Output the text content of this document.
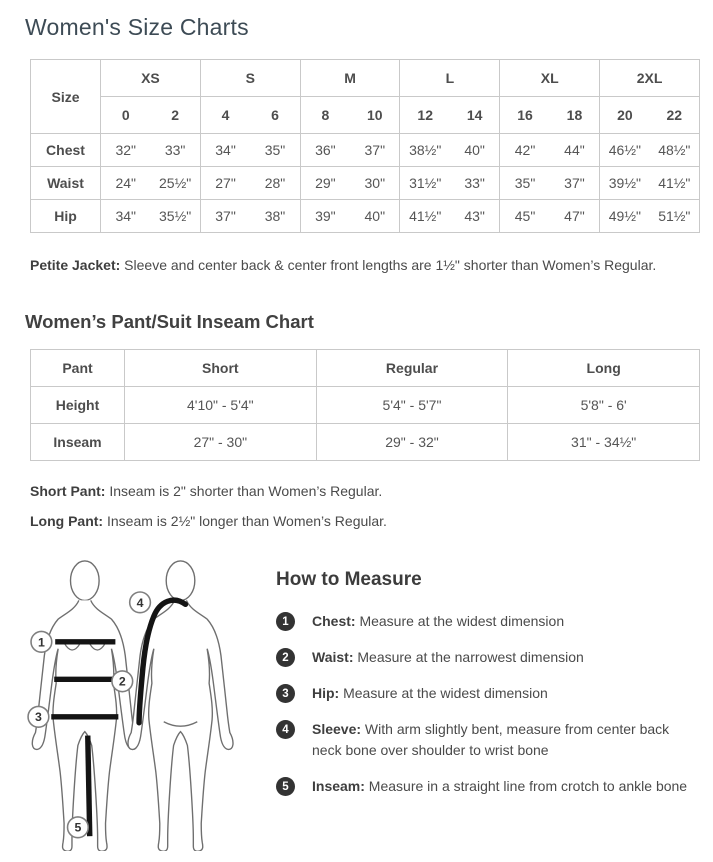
Women's Size Charts
Size	XS	S	M	L	XL	2XL

	0 2	4 6	8 10	12 14	16 18	20 22

Chest	32" 33"	34" 35"	36" 37"	38½" 40"	42" 44"	46½" 48½"

Waist	24" 25½"	27" 28"	29" 30"	31½" 33"	35" 37"	39½" 41½"

Hip	34" 35½"	37" 38"	39" 40"	41½" 43"	45" 47"	49½" 51½"
Petite Jacket: Sleeve and center back & center front lengths are 1½" shorter than Women’s Regular.
Women’s Pant/Suit Inseam Chart
Pant	Short	Regular	Long
Height	4'10" - 5'4"	5'4" - 5'7"	5'8" - 6'
Inseam	27" - 30"	29" - 32"	31" - 34½"
Short Pant: Inseam is 2" shorter than Women’s Regular.
Long Pant: Inseam is 2½" longer than Women’s Regular.
1
2
3
4
5
How to Measure
1	Chest: Measure at the widest dimension
2	Waist: Measure at the narrowest dimension
3	Hip: Measure at the widest dimension
4	Sleeve: With arm slightly bent, measure from center back neck bone over shoulder to wrist bone
5	Inseam: Measure in a straight line from crotch to ankle bone
